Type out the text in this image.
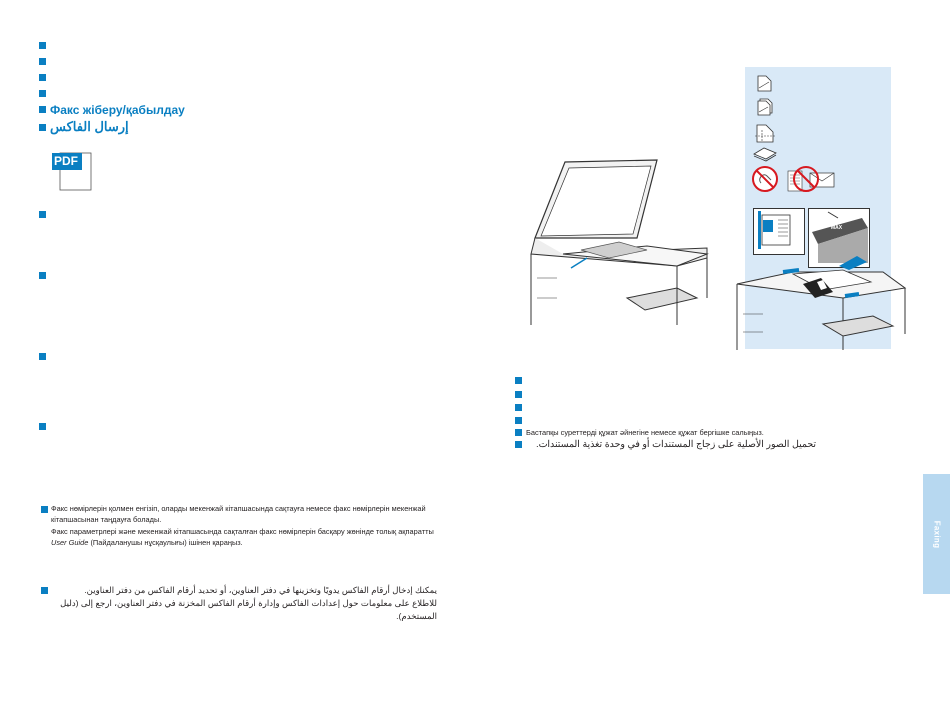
Факс жіберу/қабылдау
إرسال الفاكس
PDF
Факс нөмірлерін қолмен енгізіп, оларды мекенжай кітапшасында сақтауға немесе факс нөмірлерін мекенжай кітапшасынан таңдауға болады.
Факс параметрлері және мекенжай кітапшасында сақталған факс нөмірлерін басқару жөнінде толық ақпаратты User Guide (Пайдаланушы нұсқаулығы) ішінен қараңыз.
يمكنك إدخال أرقام الفاكس يدويًا وتخزينها في دفتر العناوين، أو تحديد أرقام الفاكس من دفتر العناوين.
للاطلاع على معلومات حول إعدادات الفاكس وإدارة أرقام الفاكس المخزنة في دفتر العناوين، ارجع إلى (دليل المستخدم).
MAX
Бастапқы суреттерді құжат әйнегіне немесе құжат бергішке салыңыз.
تحميل الصور الأصلية على زجاج المستندات أو في وحدة تغذية المستندات.
Faxing
